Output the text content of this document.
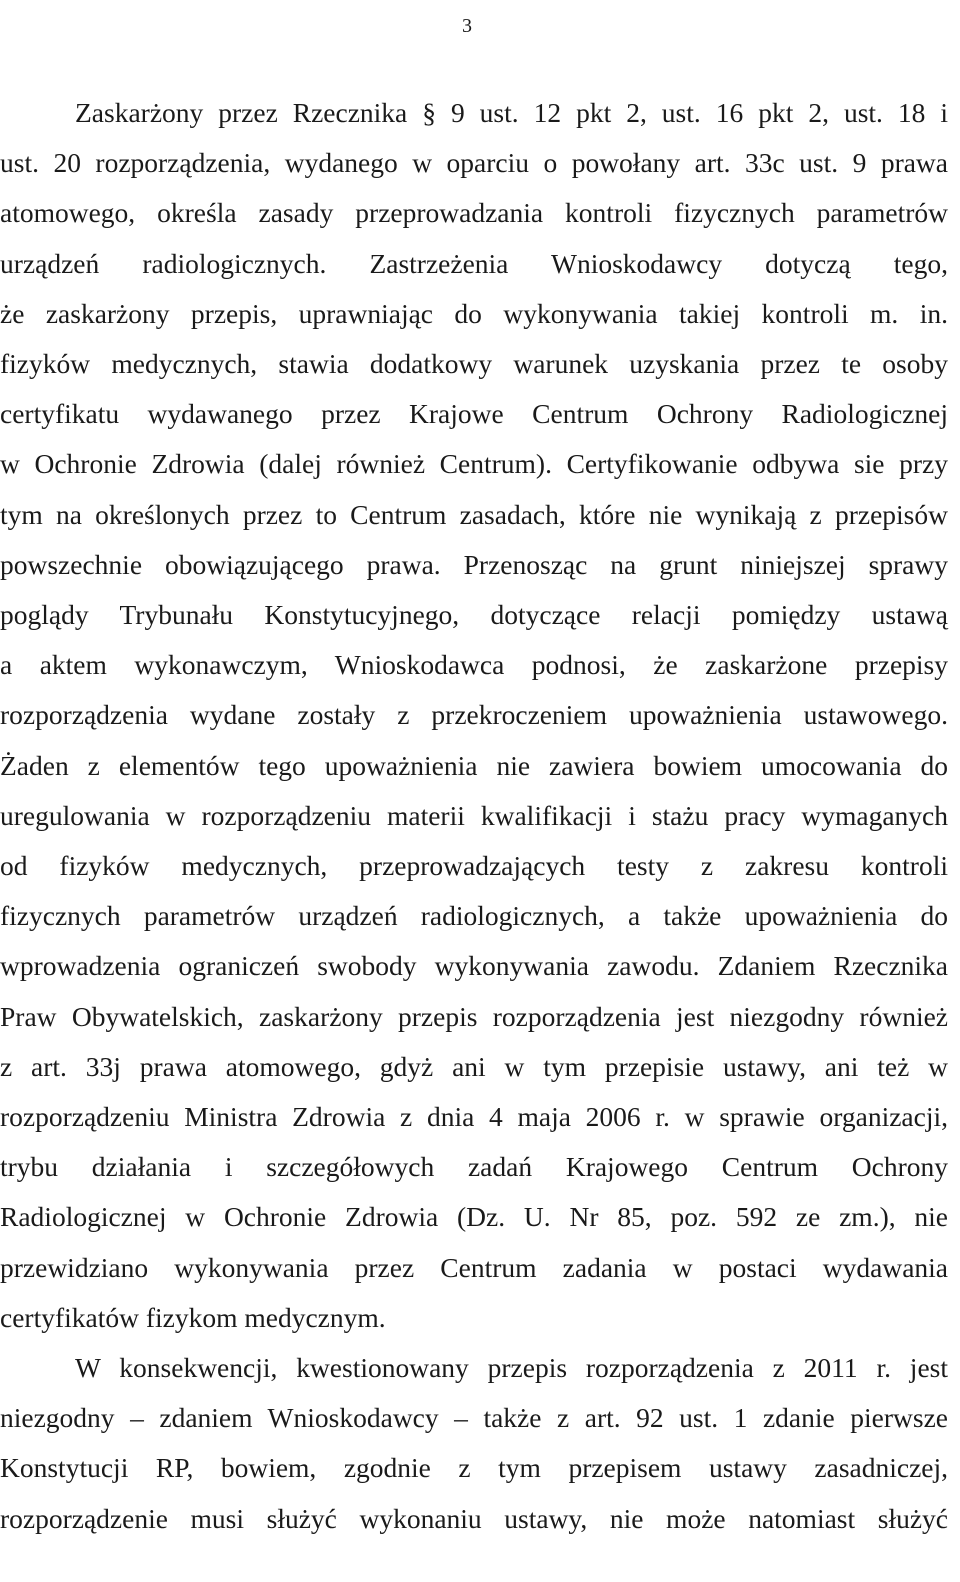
3
Zaskarżony przez Rzecznika § 9 ust. 12 pkt 2, ust. 16 pkt 2, ust. 18 i
ust. 20 rozporządzenia, wydanego w oparciu o powołany art. 33c ust. 9 prawa
atomowego, określa zasady przeprowadzania kontroli fizycznych parametrów
urządzeń radiologicznych. Zastrzeżenia Wnioskodawcy dotyczą tego,
że zaskarżony przepis, uprawniając do wykonywania takiej kontroli m. in.
fizyków medycznych, stawia dodatkowy warunek uzyskania przez te osoby
certyfikatu wydawanego przez Krajowe Centrum Ochrony Radiologicznej
w Ochronie Zdrowia (dalej również Centrum). Certyfikowanie odbywa sie przy
tym na określonych przez to Centrum zasadach, które nie wynikają z przepisów
powszechnie obowiązującego prawa. Przenosząc na grunt niniejszej sprawy
poglądy Trybunału Konstytucyjnego, dotyczące relacji pomiędzy ustawą
a aktem wykonawczym, Wnioskodawca podnosi, że zaskarżone przepisy
rozporządzenia wydane zostały z przekroczeniem upoważnienia ustawowego.
Żaden z elementów tego upoważnienia nie zawiera bowiem umocowania do
uregulowania w rozporządzeniu materii kwalifikacji i stażu pracy wymaganych
od fizyków medycznych, przeprowadzających testy z zakresu kontroli
fizycznych parametrów urządzeń radiologicznych, a także upoważnienia do
wprowadzenia ograniczeń swobody wykonywania zawodu. Zdaniem Rzecznika
Praw Obywatelskich, zaskarżony przepis rozporządzenia jest niezgodny również
z art. 33j prawa atomowego, gdyż ani w tym przepisie ustawy, ani też w
rozporządzeniu Ministra Zdrowia z dnia 4 maja 2006 r. w sprawie organizacji,
trybu działania i szczegółowych zadań Krajowego Centrum Ochrony
Radiologicznej w Ochronie Zdrowia (Dz. U. Nr 85, poz. 592 ze zm.), nie
przewidziano wykonywania przez Centrum zadania w postaci wydawania
certyfikatów fizykom medycznym.
W konsekwencji, kwestionowany przepis rozporządzenia z 2011 r. jest
niezgodny – zdaniem Wnioskodawcy – także z art. 92 ust. 1 zdanie pierwsze
Konstytucji RP, bowiem, zgodnie z tym przepisem ustawy zasadniczej,
rozporządzenie musi służyć wykonaniu ustawy, nie może natomiast służyć
